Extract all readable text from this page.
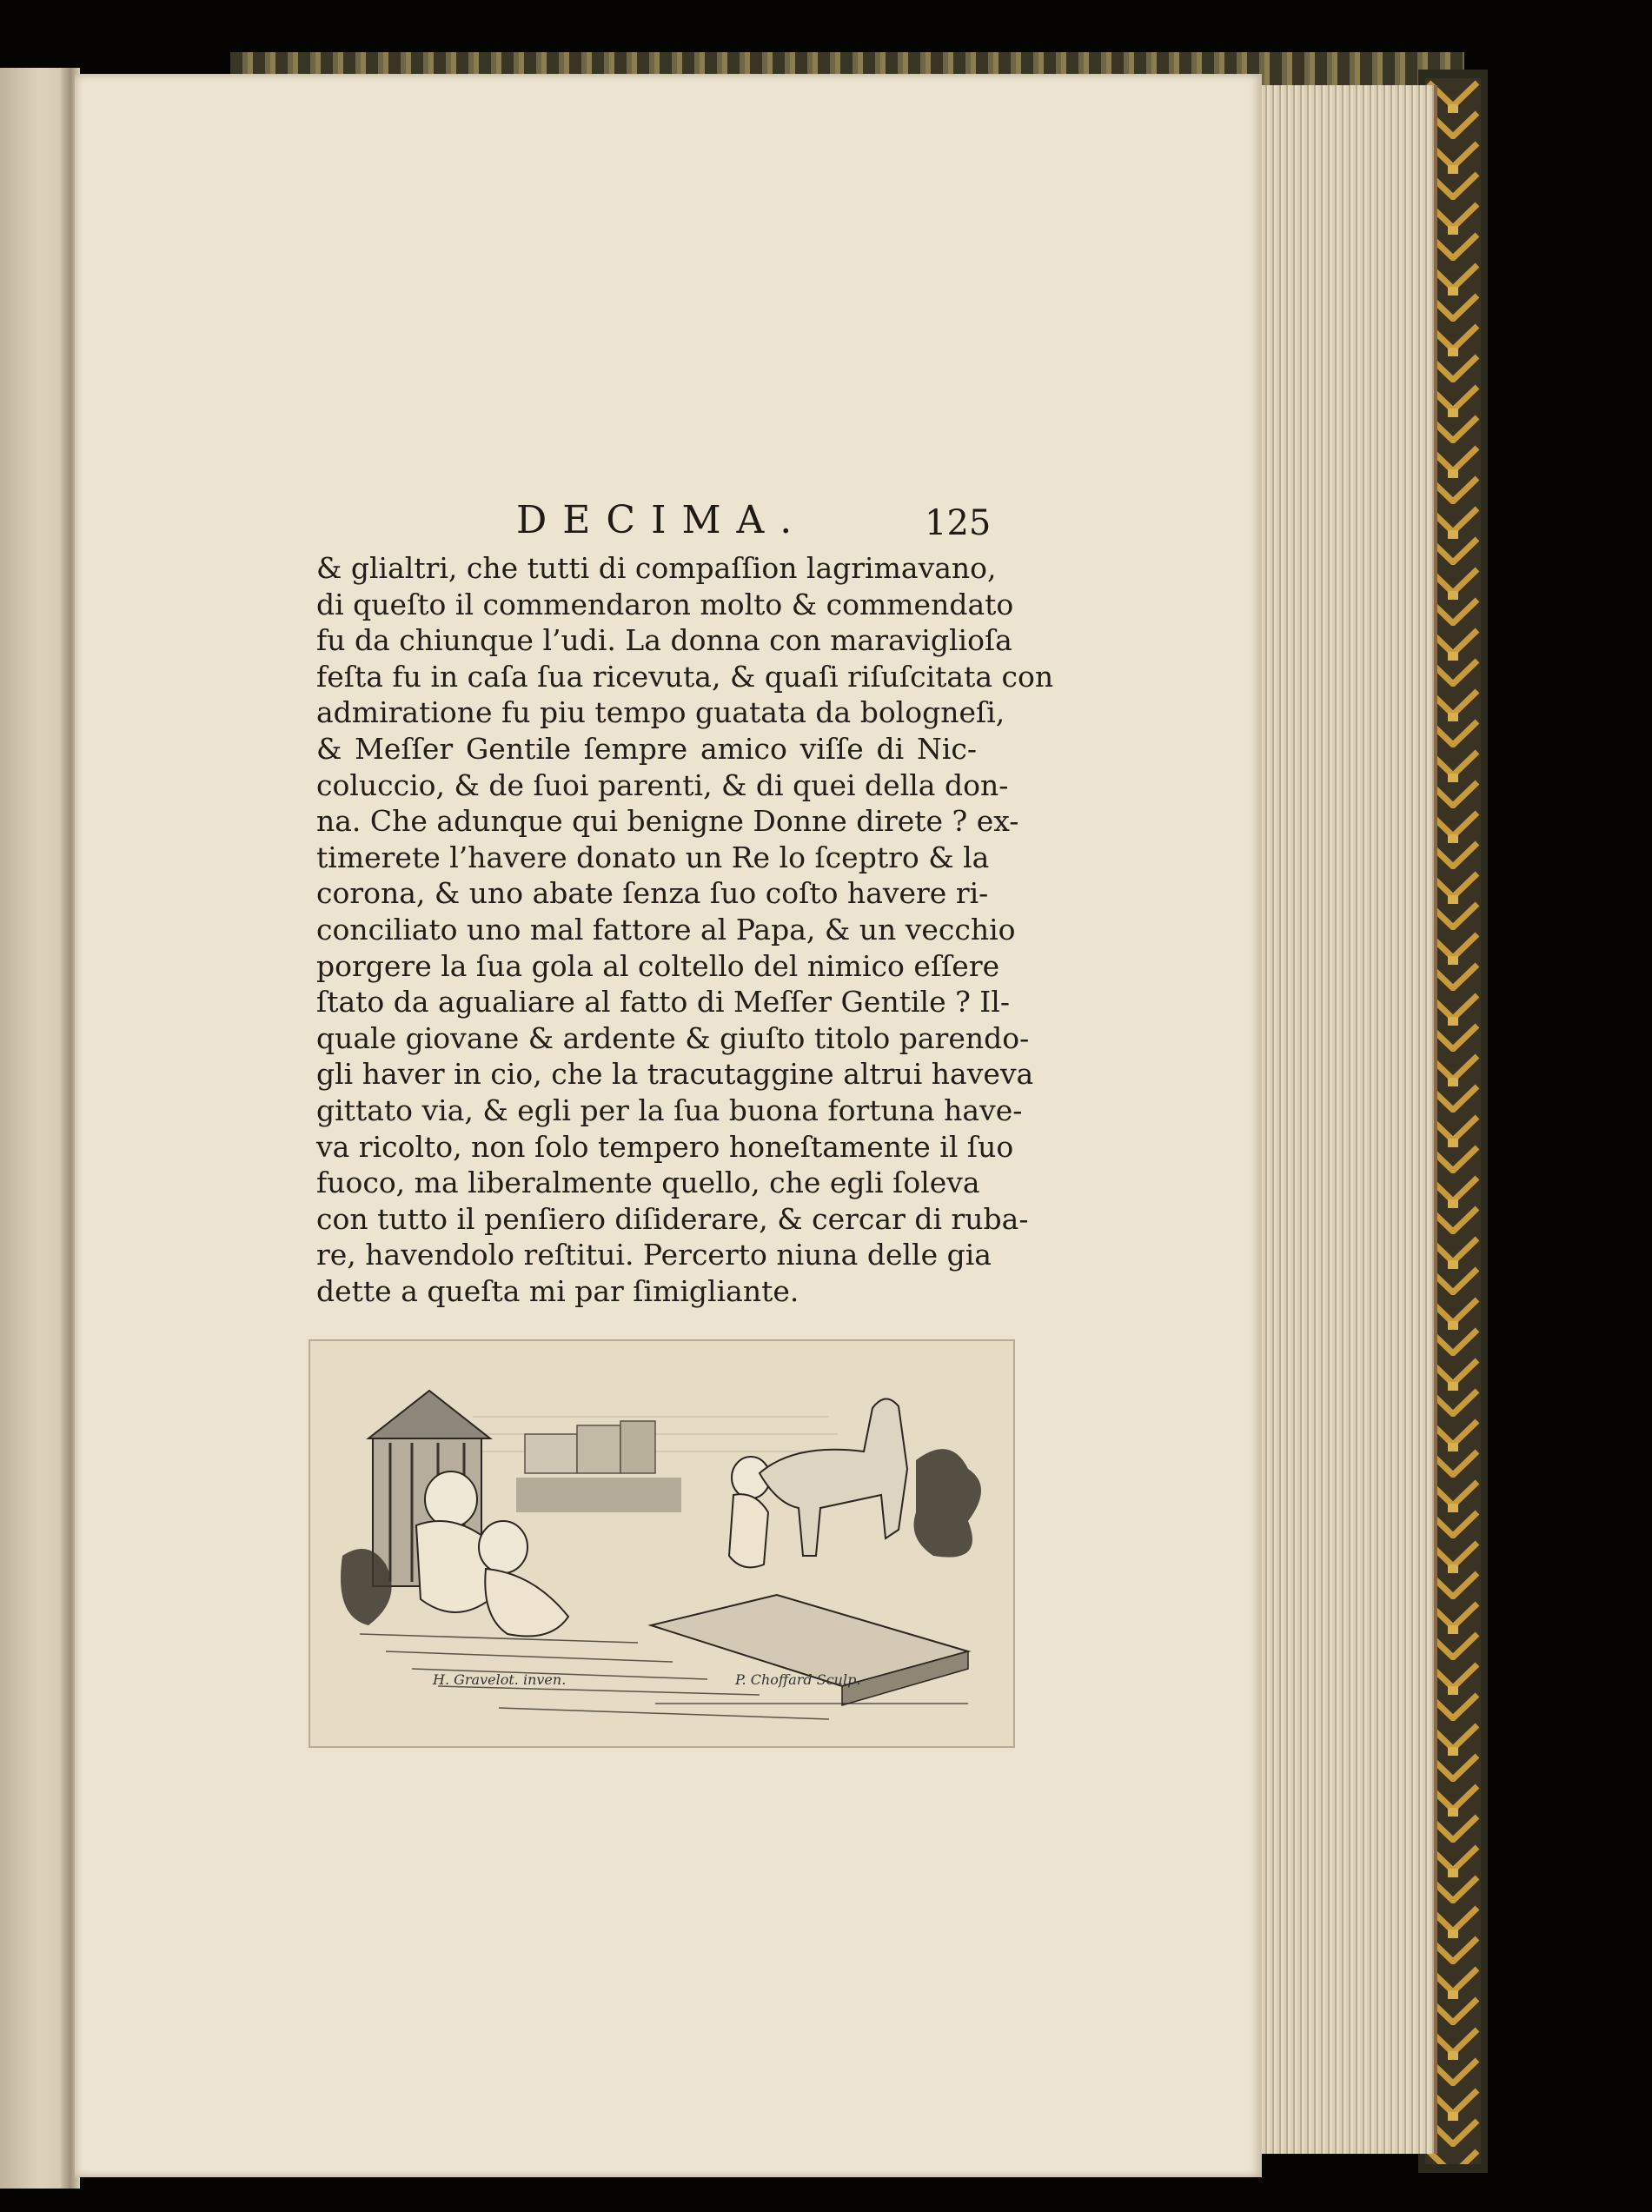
DECIMA.	125
& glialtri, che tutti di compaſſion lagrimavano,
di queſto il commendaron molto & commendato
fu da chiunque l’udi. La donna con maraviglioſa
feſta fu in caſa ſua ricevuta, & quaſi riſuſcitata con
admiratione fu piu tempo guatata da bologneſi,
& Meſſer Gentile ſempre amico viſſe di Nic-
coluccio, & de ſuoi parenti, & di quei della don-
na. Che adunque qui benigne Donne direte ? ex-
timerete l’havere donato un Re lo ſceptro & la
corona, & uno abate ſenza ſuo coſto havere ri-
conciliato uno mal fattore al Papa, & un vecchio
porgere la ſua gola al coltello del nimico eſſere
ſtato da agualiare al fatto di Meſſer Gentile ? Il-
quale giovane & ardente & giuſto titolo parendo-
gli haver in cio, che la tracutaggine altrui haveva
gittato via, & egli per la ſua buona fortuna have-
va ricolto, non ſolo tempero honeſtamente il ſuo
fuoco, ma liberalmente quello, che egli ſoleva
con tutto il penſiero diſiderare, & cercar di ruba-
re, havendolo reſtitui. Percerto niuna delle gia
dette a queſta mi par ſimigliante.
H. Gravelot. inven.	P. Choffard Sculp.
